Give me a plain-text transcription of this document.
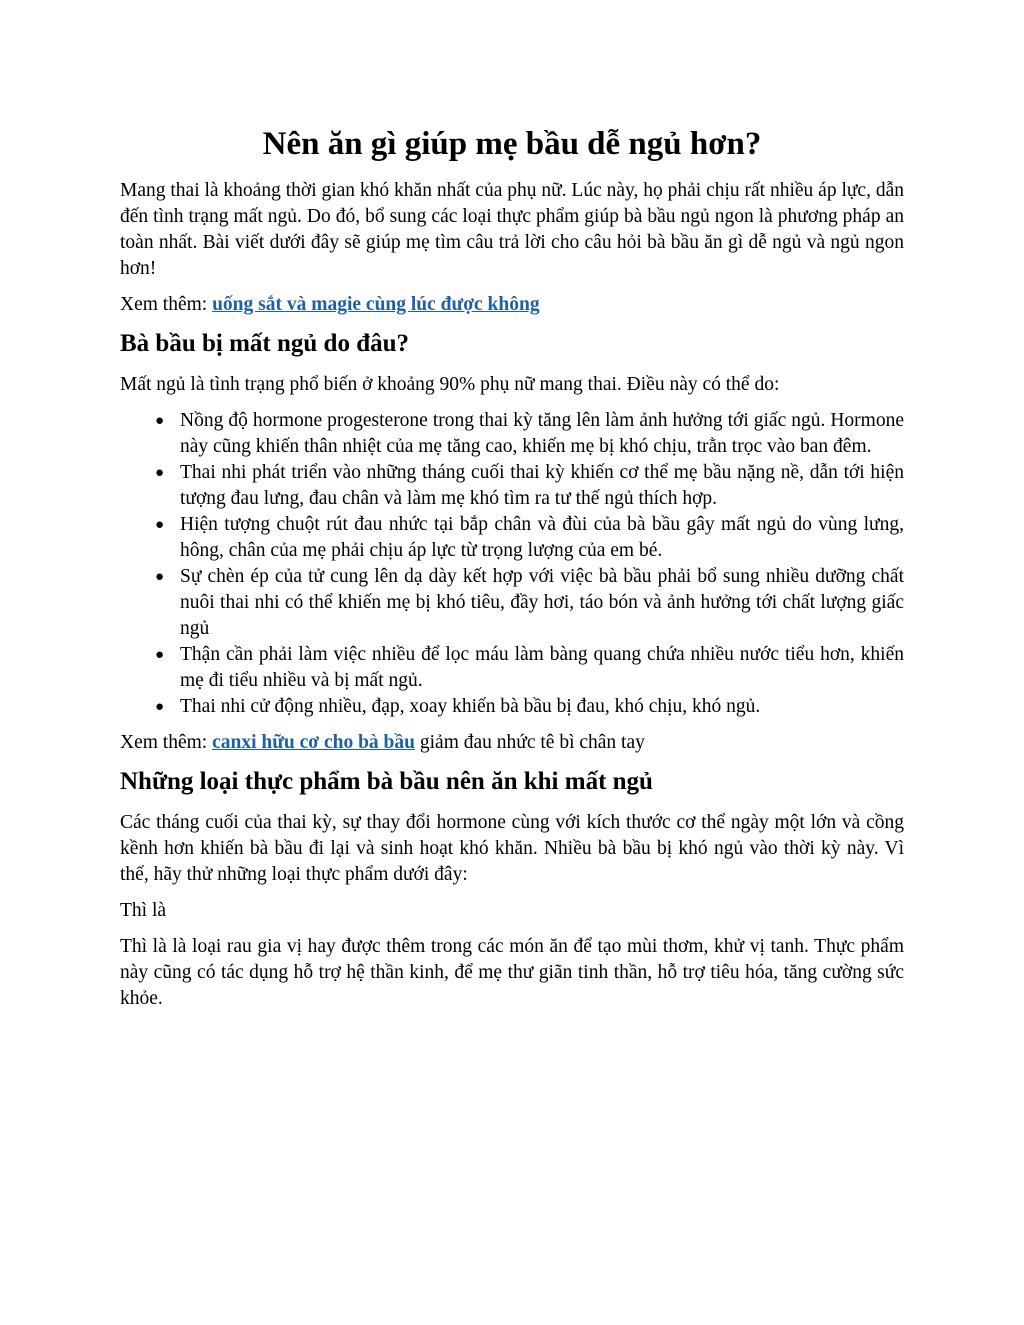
Nên ăn gì giúp mẹ bầu dễ ngủ hơn?

Mang thai là khoảng thời gian khó khăn nhất của phụ nữ. Lúc này, họ phải chịu rất nhiều áp lực, dẫn đến tình trạng mất ngủ. Do đó, bổ sung các loại thực phẩm giúp bà bầu ngủ ngon là phương pháp an toàn nhất. Bài viết dưới đây sẽ giúp mẹ tìm câu trả lời cho câu hỏi bà bầu ăn gì dễ ngủ và ngủ ngon hơn!

Xem thêm: uống sắt và magie cùng lúc được không

Bà bầu bị mất ngủ do đâu?

Mất ngủ là tình trạng phổ biến ở khoảng 90% phụ nữ mang thai. Điều này có thể do:

● Nồng độ hormone progesterone trong thai kỳ tăng lên làm ảnh hưởng tới giấc ngủ. Hormone này cũng khiến thân nhiệt của mẹ tăng cao, khiến mẹ bị khó chịu, trằn trọc vào ban đêm.
● Thai nhi phát triển vào những tháng cuối thai kỳ khiến cơ thể mẹ bầu nặng nề, dẫn tới hiện tượng đau lưng, đau chân và làm mẹ khó tìm ra tư thế ngủ thích hợp.
● Hiện tượng chuột rút đau nhức tại bắp chân và đùi của bà bầu gây mất ngủ do vùng lưng, hông, chân của mẹ phải chịu áp lực từ trọng lượng của em bé.
● Sự chèn ép của tử cung lên dạ dày kết hợp với việc bà bầu phải bổ sung nhiều dưỡng chất nuôi thai nhi có thể khiến mẹ bị khó tiêu, đầy hơi, táo bón và ảnh hưởng tới chất lượng giấc ngủ
● Thận cần phải làm việc nhiều để lọc máu làm bàng quang chứa nhiều nước tiểu hơn, khiến mẹ đi tiểu nhiều và bị mất ngủ.
● Thai nhi cử động nhiều, đạp, xoay khiến bà bầu bị đau, khó chịu, khó ngủ.

Xem thêm: canxi hữu cơ cho bà bầu giảm đau nhức tê bì chân tay

Những loại thực phẩm bà bầu nên ăn khi mất ngủ

Các tháng cuối của thai kỳ, sự thay đổi hormone cùng với kích thước cơ thể ngày một lớn và cồng kềnh hơn khiến bà bầu đi lại và sinh hoạt khó khăn. Nhiều bà bầu bị khó ngủ vào thời kỳ này. Vì thế, hãy thử những loại thực phẩm dưới đây:

Thì là

Thì là là loại rau gia vị hay được thêm trong các món ăn để tạo mùi thơm, khử vị tanh. Thực phẩm này cũng có tác dụng hỗ trợ hệ thần kinh, để mẹ thư giãn tinh thần, hỗ trợ tiêu hóa, tăng cường sức khỏe.
